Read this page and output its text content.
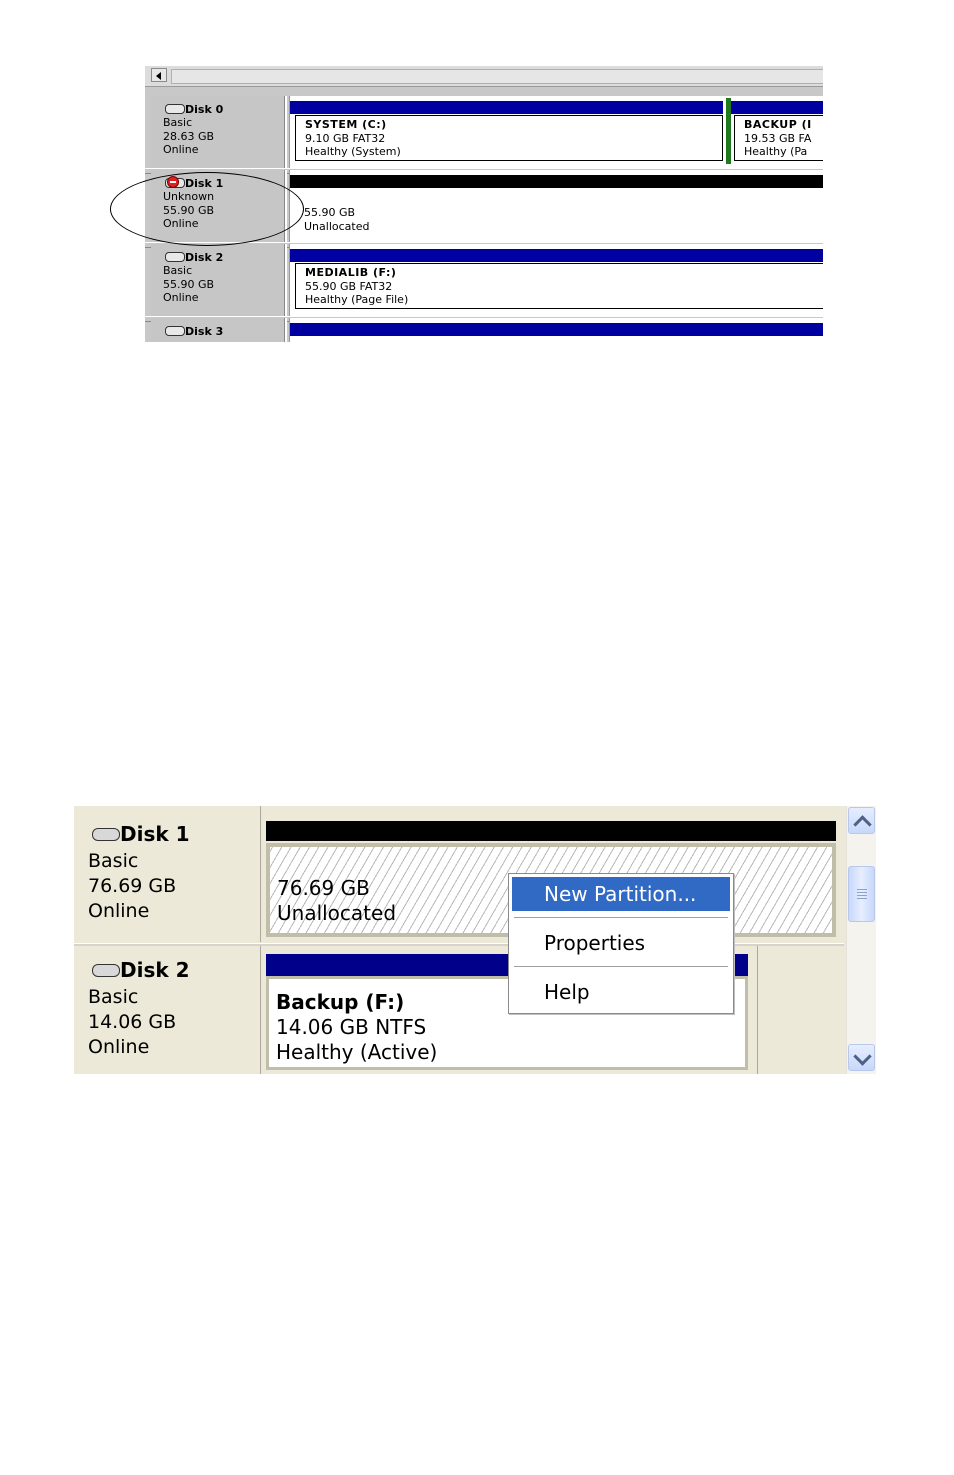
Disk 0
Basic
28.63 GB
Online
SYSTEM (C:)
9.10 GB FAT32
Healthy (System)
BACKUP (I
19.53 GB FA
Healthy (Pa
Disk 1
Unknown
55.90 GB
Online
55.90 GB
Unallocated
Disk 2
Basic
55.90 GB
Online
MEDIALIB (F:)
55.90 GB FAT32
Healthy (Page File)
Disk 3
Disk 1
Basic
76.69 GB
Online
76.69 GB
Unallocated
Disk 2
Basic
14.06 GB
Online
Backup (F:)
14.06 GB NTFS
Healthy (Active)
New Partition...
Properties
Help
